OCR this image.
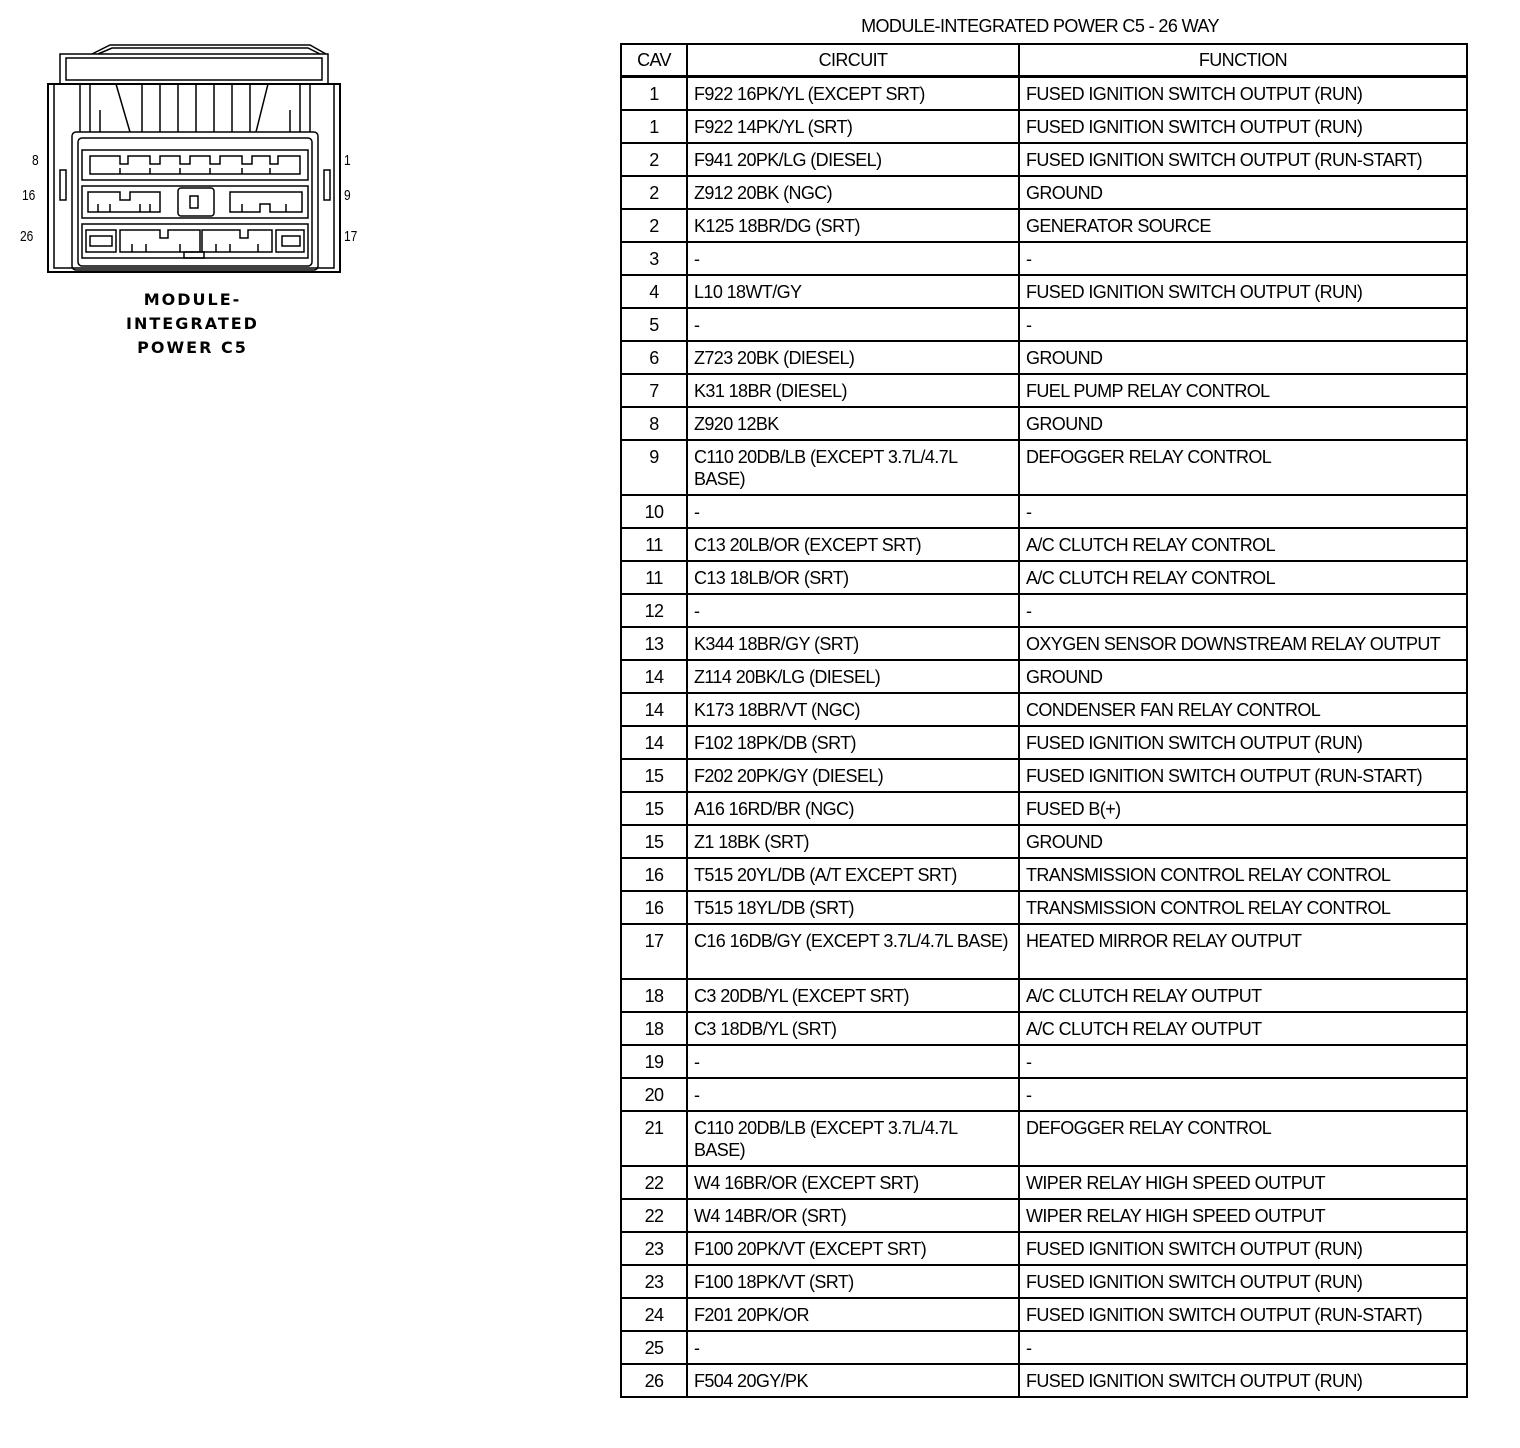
8	1
16	9
26	17
MODULE-
INTEGRATED
POWER C5
MODULE-INTEGRATED POWER C5 - 26 WAY
CAV	CIRCUIT	FUNCTION
1	F922 16PK/YL (EXCEPT SRT)	FUSED IGNITION SWITCH OUTPUT (RUN)
1	F922 14PK/YL (SRT)	FUSED IGNITION SWITCH OUTPUT (RUN)
2	F941 20PK/LG (DIESEL)	FUSED IGNITION SWITCH OUTPUT (RUN-START)
2	Z912 20BK (NGC)	GROUND
2	K125 18BR/DG (SRT)	GENERATOR SOURCE
3	-	-
4	L10 18WT/GY	FUSED IGNITION SWITCH OUTPUT (RUN)
5	-	-
6	Z723 20BK (DIESEL)	GROUND
7	K31 18BR (DIESEL)	FUEL PUMP RELAY CONTROL
8	Z920 12BK	GROUND
9	C110 20DB/LB (EXCEPT 3.7L/4.7L BASE)	DEFOGGER RELAY CONTROL
10	-	-
11	C13 20LB/OR (EXCEPT SRT)	A/C CLUTCH RELAY CONTROL
11	C13 18LB/OR (SRT)	A/C CLUTCH RELAY CONTROL
12	-	-
13	K344 18BR/GY (SRT)	OXYGEN SENSOR DOWNSTREAM RELAY OUTPUT
14	Z114 20BK/LG (DIESEL)	GROUND
14	K173 18BR/VT (NGC)	CONDENSER FAN RELAY CONTROL
14	F102 18PK/DB (SRT)	FUSED IGNITION SWITCH OUTPUT (RUN)
15	F202 20PK/GY (DIESEL)	FUSED IGNITION SWITCH OUTPUT (RUN-START)
15	A16 16RD/BR (NGC)	FUSED B(+)
15	Z1 18BK (SRT)	GROUND
16	T515 20YL/DB (A/T EXCEPT SRT)	TRANSMISSION CONTROL RELAY CONTROL
16	T515 18YL/DB (SRT)	TRANSMISSION CONTROL RELAY CONTROL
17	C16 16DB/GY (EXCEPT 3.7L/4.7L BASE)	HEATED MIRROR RELAY OUTPUT
18	C3 20DB/YL (EXCEPT SRT)	A/C CLUTCH RELAY OUTPUT
18	C3 18DB/YL (SRT)	A/C CLUTCH RELAY OUTPUT
19	-	-
20	-	-
21	C110 20DB/LB (EXCEPT 3.7L/4.7L BASE)	DEFOGGER RELAY CONTROL
22	W4 16BR/OR (EXCEPT SRT)	WIPER RELAY HIGH SPEED OUTPUT
22	W4 14BR/OR (SRT)	WIPER RELAY HIGH SPEED OUTPUT
23	F100 20PK/VT (EXCEPT SRT)	FUSED IGNITION SWITCH OUTPUT (RUN)
23	F100 18PK/VT (SRT)	FUSED IGNITION SWITCH OUTPUT (RUN)
24	F201 20PK/OR	FUSED IGNITION SWITCH OUTPUT (RUN-START)
25	-	-
26	F504 20GY/PK	FUSED IGNITION SWITCH OUTPUT (RUN)
